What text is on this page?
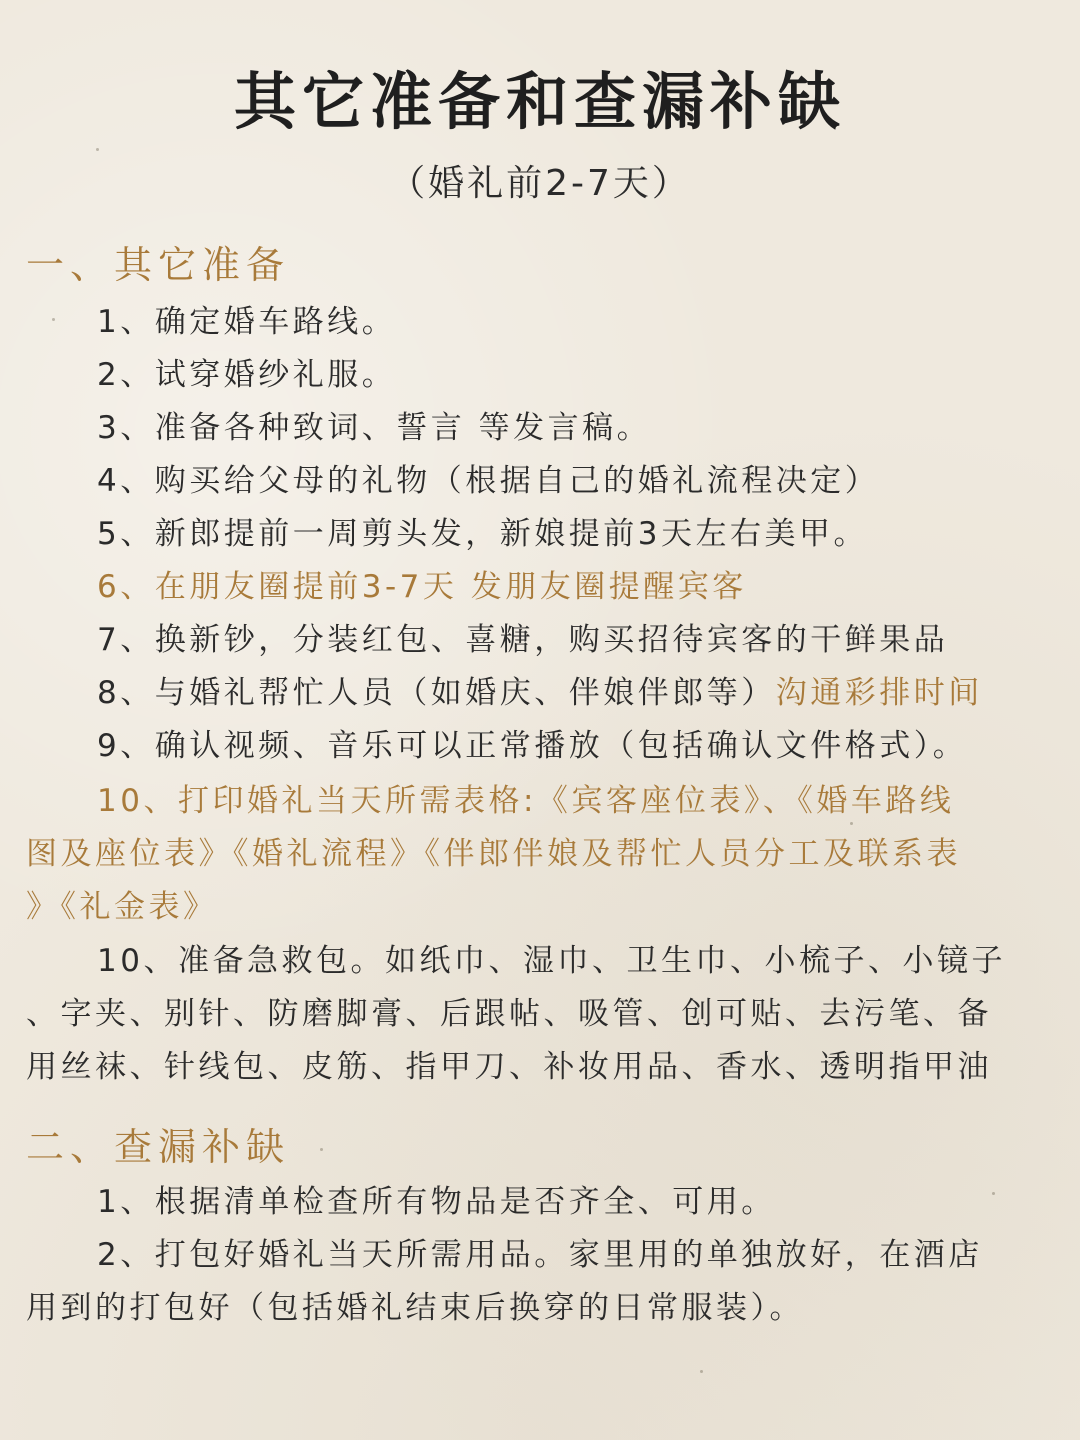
其它准备和查漏补缺
（婚礼前2-7天）
一、其它准备
1、确定婚车路线。
2、试穿婚纱礼服。
3、准备各种致词、誓言 等发言稿。
4、购买给父母的礼物（根据自己的婚礼流程决定）
5、新郎提前一周剪头发，新娘提前3天左右美甲。
6、在朋友圈提前3-7天 发朋友圈提醒宾客
7、换新钞，分装红包、喜糖，购买招待宾客的干鲜果品
8、与婚礼帮忙人员（如婚庆、伴娘伴郎等）沟通彩排时间
9、确认视频、音乐可以正常播放（包括确认文件格式）。
10、打印婚礼当天所需表格:《宾客座位表》、《婚车路线
图及座位表》《婚礼流程》《伴郎伴娘及帮忙人员分工及联系表
》《礼金表》
10、准备急救包。如纸巾、湿巾、卫生巾、小梳子、小镜子
、字夹、别针、防磨脚膏、后跟帖、吸管、创可贴、去污笔、备
用丝袜、针线包、皮筋、指甲刀、补妆用品、香水、透明指甲油
二、查漏补缺
1、根据清单检查所有物品是否齐全、可用。
2、打包好婚礼当天所需用品。家里用的单独放好，在酒店
用到的打包好（包括婚礼结束后换穿的日常服装）。
